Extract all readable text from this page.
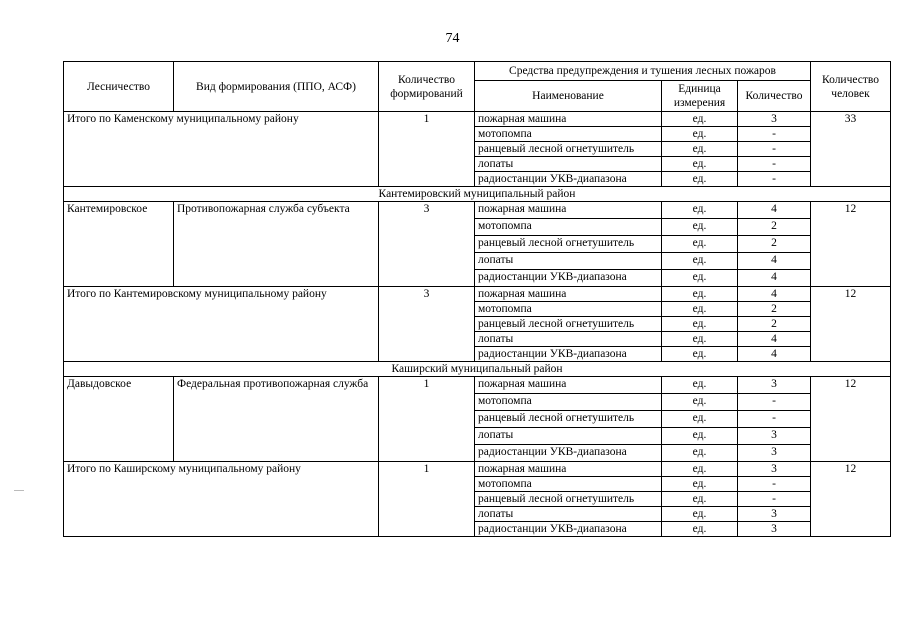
74
Лесничество	Вид формирования (ППО, АСФ)	Количество формирований	Средства предупреждения и тушения лесных пожаров			Количество человек
			Наименование	Единица измерения	Количество	
Итого по Каменскому муниципальному району		1	пожарная машина	ед.	3	33
			мотопомпа	ед.	-	
			ранцевый лесной огнетушитель	ед.	-	
			лопаты	ед.	-	
			радиостанции УКВ-диапазона	ед.	-	
Кантемировский муниципальный район						
Кантемировское	Противопожарная служба субъекта	3	пожарная машина	ед.	4	12
			мотопомпа	ед.	2	
			ранцевый лесной огнетушитель	ед.	2	
			лопаты	ед.	4	
			радиостанции УКВ-диапазона	ед.	4	
Итого по Кантемировскому муниципальному району		3	пожарная машина	ед.	4	12
			мотопомпа	ед.	2	
			ранцевый лесной огнетушитель	ед.	2	
			лопаты	ед.	4	
			радиостанции УКВ-диапазона	ед.	4	
Каширский муниципальный район						
Давыдовское	Федеральная противопожарная служба	1	пожарная машина	ед.	3	12
			мотопомпа	ед.	-	
			ранцевый лесной огнетушитель	ед.	-	
			лопаты	ед.	3	
			радиостанции УКВ-диапазона	ед.	3	
Итого по Каширскому муниципальному району		1	пожарная машина	ед.	3	12
			мотопомпа	ед.	-	
			ранцевый лесной огнетушитель	ед.	-	
			лопаты	ед.	3	
			радиостанции УКВ-диапазона	ед.	3	
